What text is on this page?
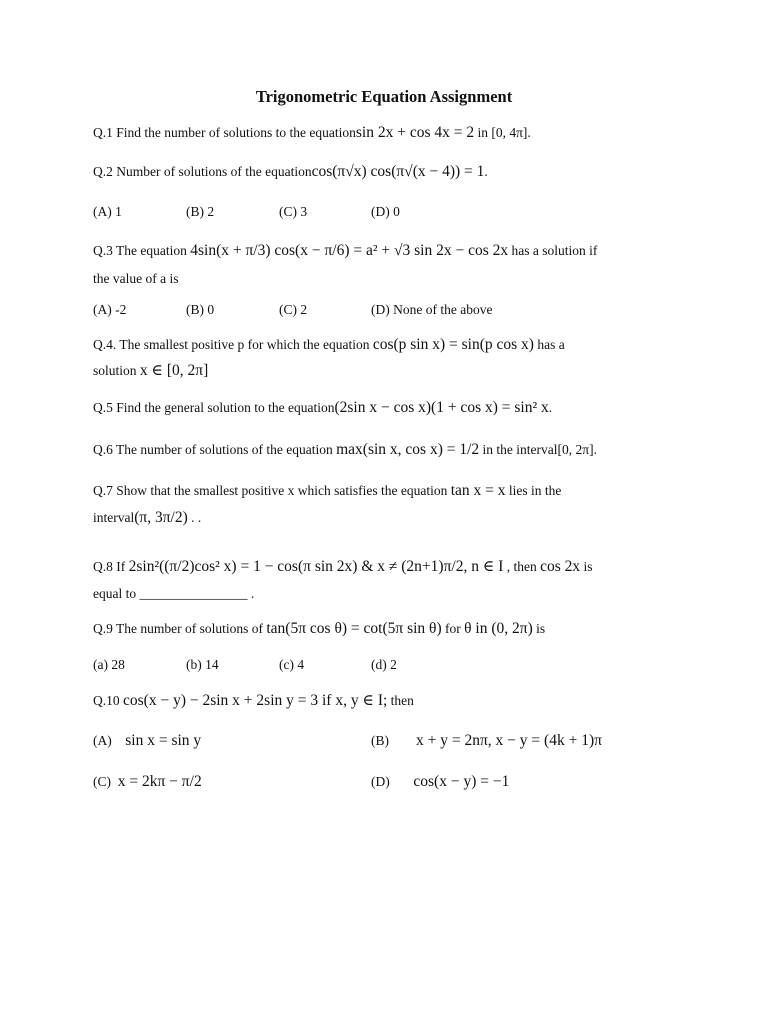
Trigonometric Equation Assignment
Q.1 Find the number of solutions to the equationsin 2x + cos 4x = 2 in [0, 4π].
Q.2 Number of solutions of the equationcos(π√x) cos(π√(x − 4)) = 1.
(A) 1	(B) 2	(C) 3	(D) 0
Q.3 The equation 4sin(x + π/3) cos(x − π/6) = a² + √3 sin 2x − cos 2x has a solution if
the value of a is
(A) -2	(B) 0	(C) 2	(D) None of the above
Q.4. The smallest positive p for which the equation cos(p sin x) = sin(p cos x) has a
solution x ∈ [0, 2π]
Q.5 Find the general solution to the equation(2sin x − cos x)(1 + cos x) = sin² x.
Q.6 The number of solutions of the equation max(sin x, cos x) = 1/2 in the interval[0, 2π].
Q.7 Show that the smallest positive x which satisfies the equation tan x = x lies in the
interval(π, 3π/2) . .
Q.8 If 2sin²((π/2)cos² x) = 1 − cos(π sin 2x) & x ≠ (2n+1)π/2, n ∈ I , then cos 2x is
equal to ________________ .
Q.9 The number of solutions of tan(5π cos θ) = cot(5π sin θ) for θ in (0, 2π) is
(a) 28	(b) 14	(c) 4	(d) 2
Q.10 cos(x − y) − 2sin x + 2sin y = 3 if x, y ∈ I; then
(A) sin x = sin y	(B) x + y = 2nπ, x − y = (4k + 1)π
(C) x = 2kπ − π/2	(D) cos(x − y) = −1
